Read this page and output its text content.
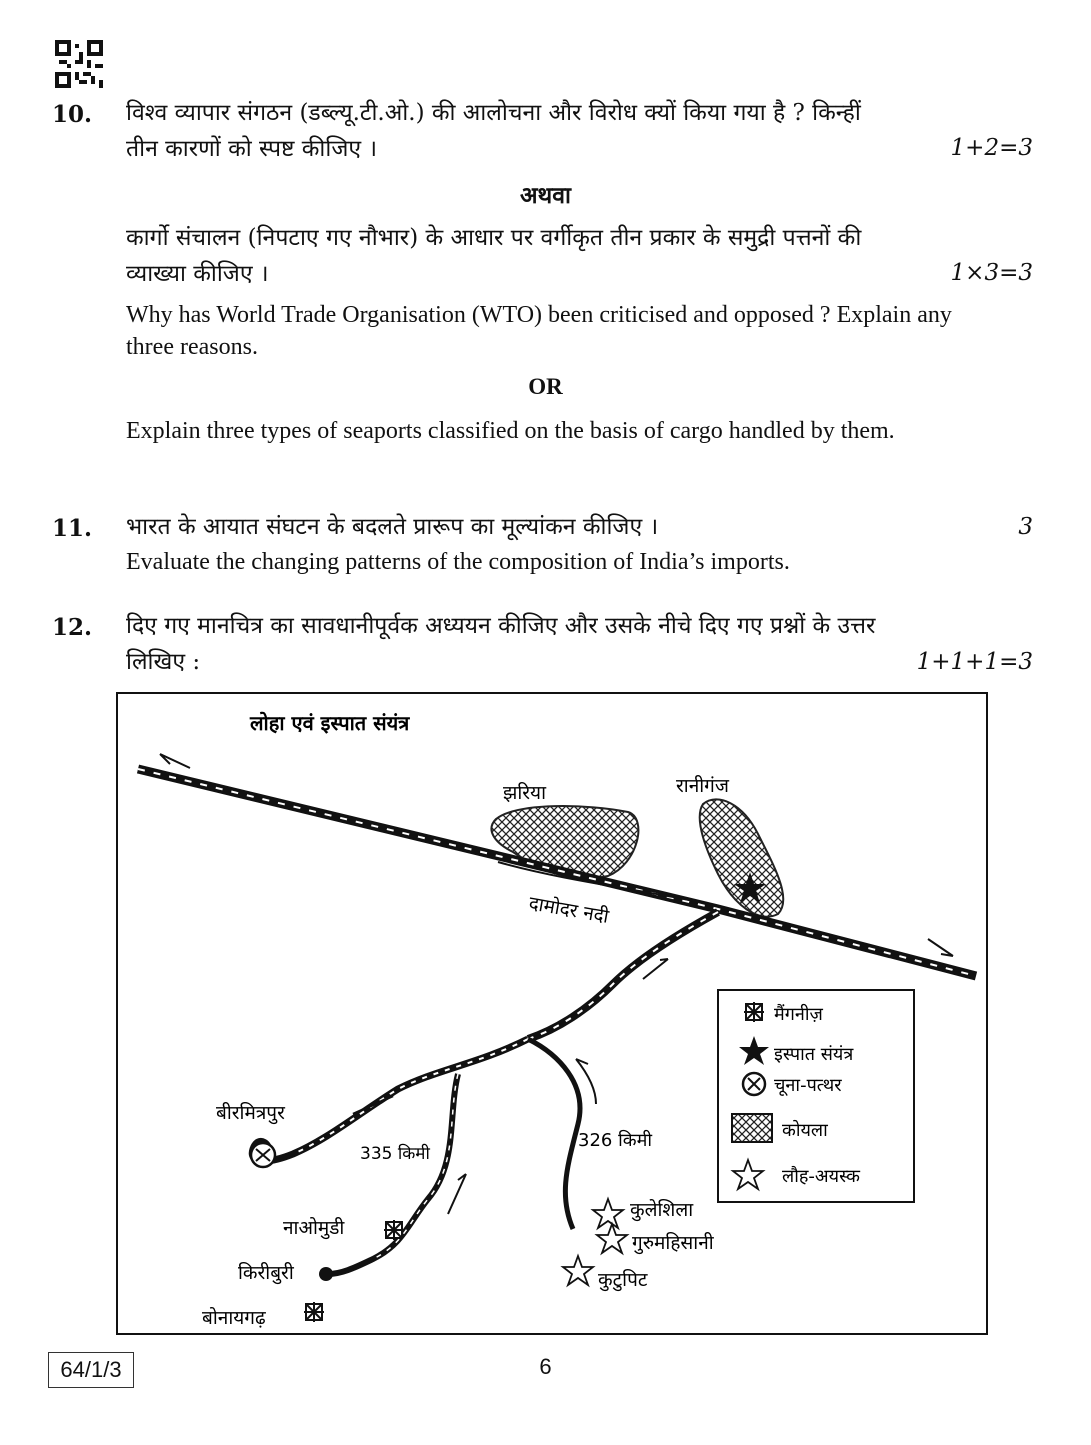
10. विश्व व्यापार संगठन (डब्ल्यू.टी.ओ.) की आलोचना और विरोध क्यों किया गया है ? किन्हीं
तीन कारणों को स्पष्ट कीजिए ।	1+2=3
अथवा
कार्गो संचालन (निपटाए गए नौभार) के आधार पर वर्गीकृत तीन प्रकार के समुद्री पत्तनों की
व्याख्या कीजिए ।	1×3=3
Why has World Trade Organisation (WTO) been criticised and opposed ? Explain any three reasons.
OR
Explain three types of seaports classified on the basis of cargo handled by them.
11. भारत के आयात संघटन के बदलते प्रारूप का मूल्यांकन कीजिए ।	3
Evaluate the changing patterns of the composition of India’s imports.
12. दिए गए मानचित्र का सावधानीपूर्वक अध्ययन कीजिए और उसके नीचे दिए गए प्रश्नों के उत्तर
लिखिए :	1+1+1=3
लोहा एवं इस्पात संयंत्र
झरिया	रानीगंज
दामोदर नदी
बीरमित्रपुर
नाओमुडी
किरीबुरी
बोनायगढ़
कुलेशिला
गुरुमहिसानी
कुटुपिट
335 किमी
326 किमी
मैंगनीज़
इस्पात संयंत्र
चूना-पत्थर
कोयला
लौह-अयस्क
64/1/3	6
